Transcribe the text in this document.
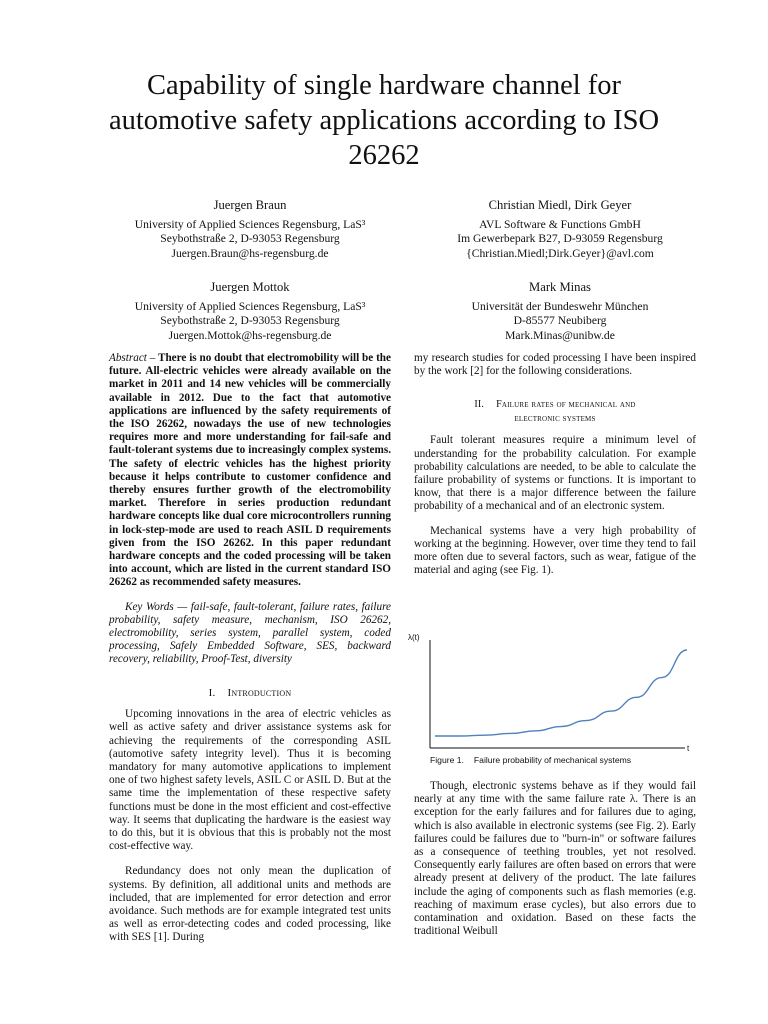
Capability of single hardware channel for automotive safety applications according to ISO 26262
Juergen Braun
University of Applied Sciences Regensburg, LaS³
Seybothstraße 2, D-93053 Regensburg
Juergen.Braun@hs-regensburg.de
Christian Miedl, Dirk Geyer
AVL Software & Functions GmbH
Im Gewerbepark B27, D-93059 Regensburg
{Christian.Miedl;Dirk.Geyer}@avl.com
Juergen Mottok
University of Applied Sciences Regensburg, LaS³
Seybothstraße 2, D-93053 Regensburg
Juergen.Mottok@hs-regensburg.de
Mark Minas
Universität der Bundeswehr München
D-85577 Neubiberg
Mark.Minas@unibw.de

Abstract – There is no doubt that electromobility will be the future. All-electric vehicles were already available on the market in 2011 and 14 new vehicles will be commercially available in 2012. Due to the fact that automotive applications are influenced by the safety requirements of the ISO 26262, nowadays the use of new technologies requires more and more understanding for fail-safe and fault-tolerant systems due to increasingly complex systems. The safety of electric vehicles has the highest priority because it helps contribute to customer confidence and thereby ensures further growth of the electromobility market. Therefore in series production redundant hardware concepts like dual core microcontrollers running in lock-step-mode are used to reach ASIL D requirements given from the ISO 26262. In this paper redundant hardware concepts and the coded processing will be taken into account, which are listed in the current standard ISO 26262 as recommended safety measures.

Key Words — fail-safe, fault-tolerant, failure rates, failure probability, safety measure, mechanism, ISO 26262, electromobility, series system, parallel system, coded processing, Safely Embedded Software, SES, backward recovery, reliability, Proof-Test, diversity

I. Introduction

Upcoming innovations in the area of electric vehicles as well as active safety and driver assistance systems ask for achieving the requirements of the corresponding ASIL (automotive safety integrity level). Thus it is becoming mandatory for many automotive applications to implement one of two highest safety levels, ASIL C or ASIL D. But at the same time the implementation of these respective safety functions must be done in the most efficient and cost-effective way. It seems that duplicating the hardware is the easiest way to do this, but it is obvious that this is probably not the most cost-effective way.

Redundancy does not only mean the duplication of systems. By definition, all additional units and methods are included, that are implemented for error detection and error avoidance. Such methods are for example integrated test units as well as error-detecting codes and coded processing, like with SES [1]. During

my research studies for coded processing I have been inspired by the work [2] for the following considerations.

II. Failure rates of mechanical and
electronic systems

Fault tolerant measures require a minimum level of understanding for the probability calculation. For example probability calculations are needed, to be able to calculate the failure probability of systems or functions. It is important to know, that there is a major difference between the failure probability of a mechanical and of an electronic system.

Mechanical systems have a very high probability of working at the beginning. However, over time they tend to fail more often due to several factors, such as wear, fatigue of the material and aging (see Fig. 1).

λ(t)
t
Figure 1. Failure probability of mechanical systems

Though, electronic systems behave as if they would fail nearly at any time with the same failure rate λ. There is an exception for the early failures and for failures due to aging, which is also available in electronic systems (see Fig. 2). Early failures could be failures due to "burn-in" or software failures as a consequence of teething troubles, yet not resolved. Consequently early failures are often based on errors that were already present at delivery of the product. The late failures include the aging of components such as flash memories (e.g. reaching of maximum erase cycles), but also errors due to contamination and oxidation. Based on these facts the traditional Weibull
